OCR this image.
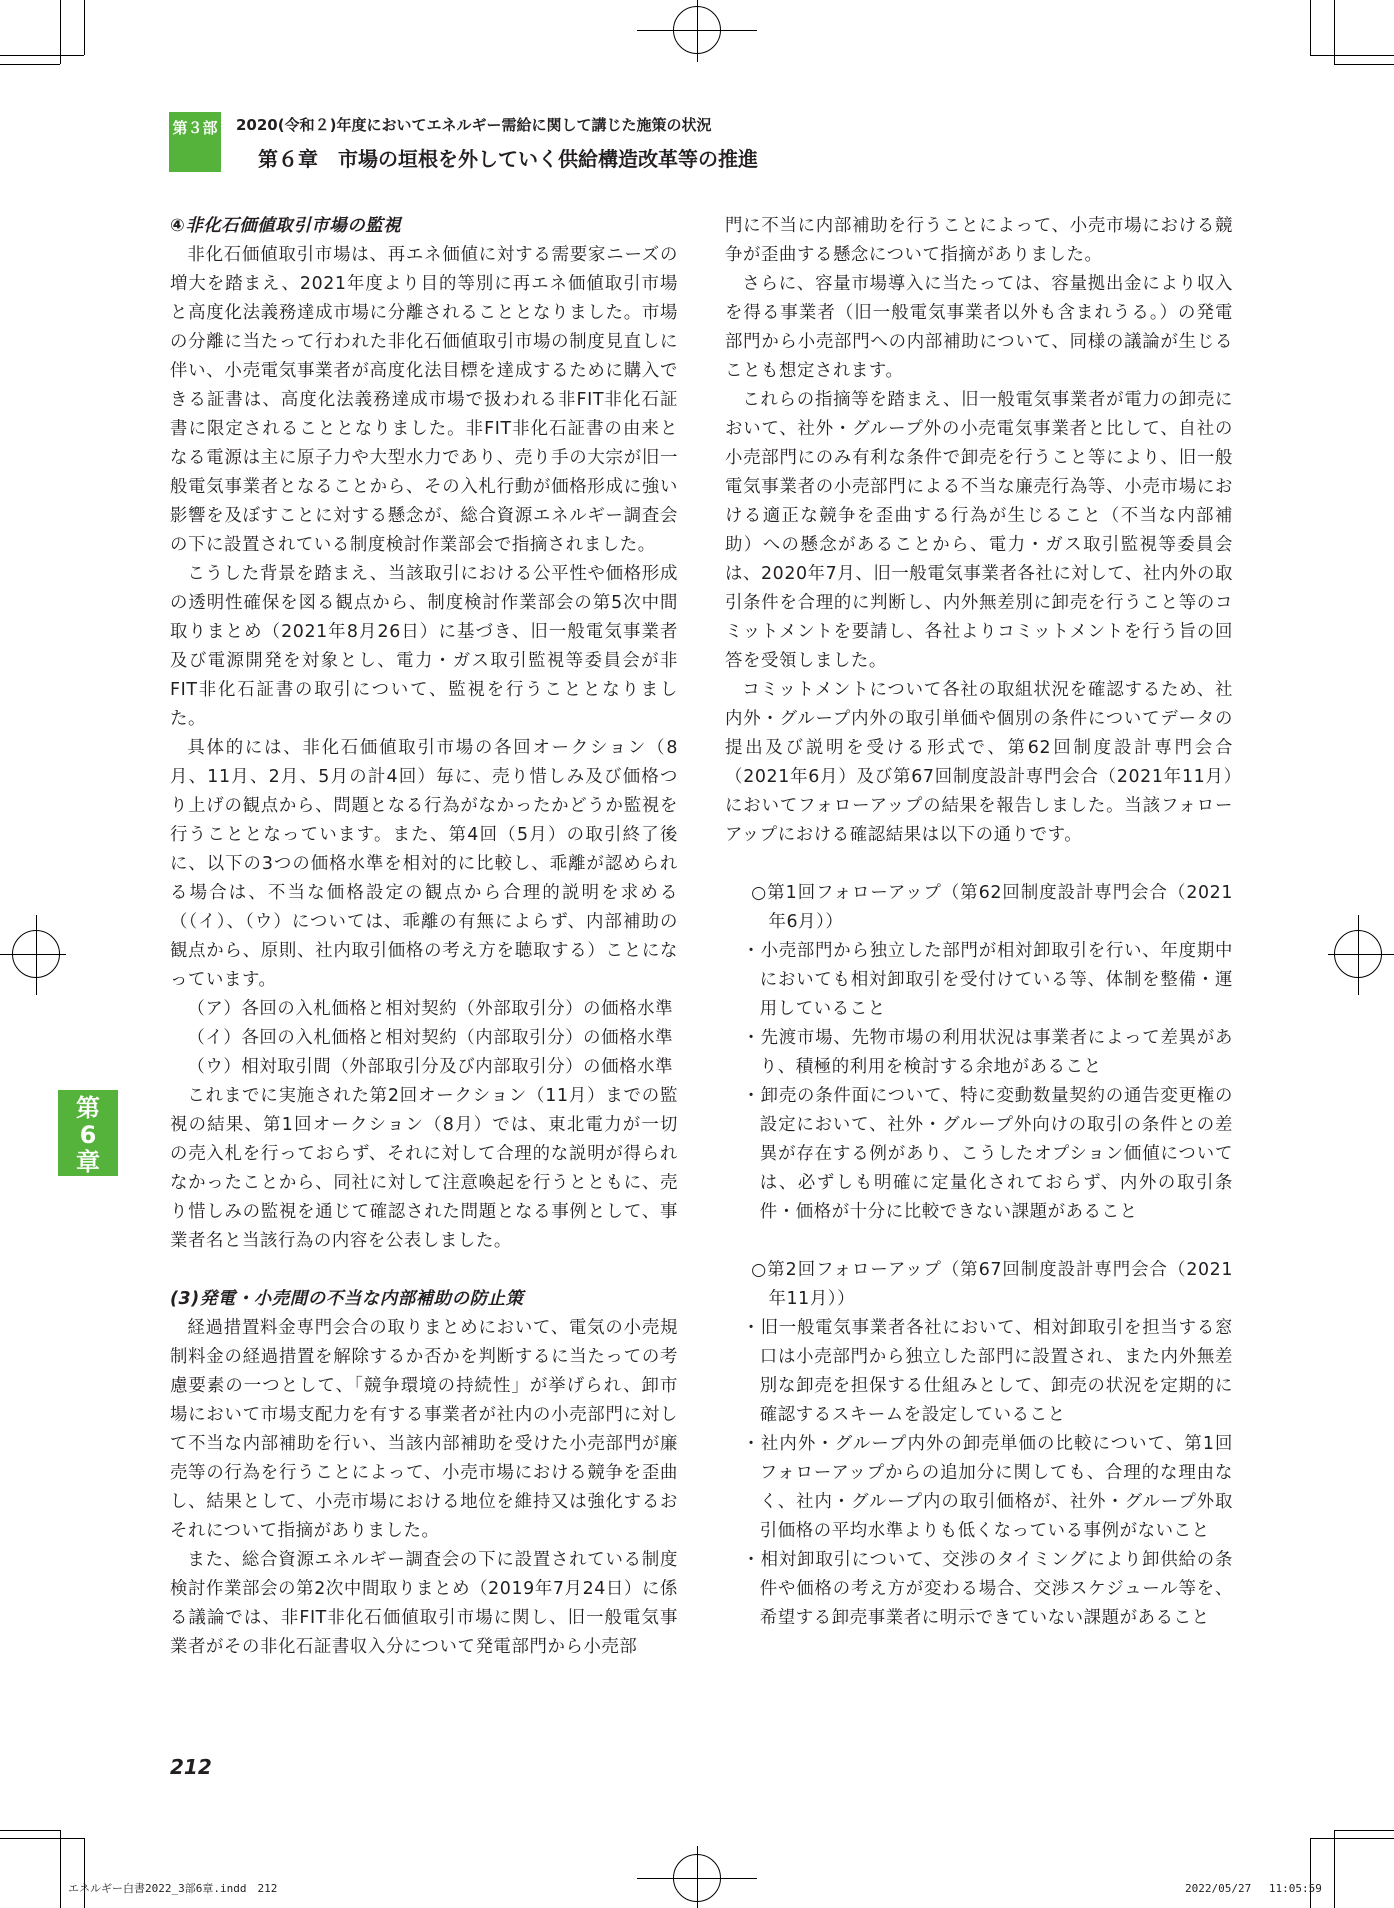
第３部 2020(令和２)年度においてエネルギー需給に関して講じた施策の状況
第６章　市場の垣根を外していく供給構造改革等の推進
第6章

④非化石価値取引市場の監視

非化石価値取引市場は、再エネ価値に対する需要家ニーズの増大を踏まえ、2021年度より目的等別に再エネ価値取引市場と高度化法義務達成市場に分離されることとなりました。市場の分離に当たって行われた非化石価値取引市場の制度見直しに伴い、小売電気事業者が高度化法目標を達成するために購入できる証書は、高度化法義務達成市場で扱われる非FIT非化石証書に限定されることとなりました。非FIT非化石証書の由来となる電源は主に原子力や大型水力であり、売り手の大宗が旧一般電気事業者となることから、その入札行動が価格形成に強い影響を及ぼすことに対する懸念が、総合資源エネルギー調査会の下に設置されている制度検討作業部会で指摘されました。

こうした背景を踏まえ、当該取引における公平性や価格形成の透明性確保を図る観点から、制度検討作業部会の第5次中間取りまとめ（2021年8月26日）に基づき、旧一般電気事業者及び電源開発を対象とし、電力・ガス取引監視等委員会が非FIT非化石証書の取引について、監視を行うこととなりました。

具体的には、非化石価値取引市場の各回オークション（8月、11月、2月、5月の計4回）毎に、売り惜しみ及び価格つり上げの観点から、問題となる行為がなかったかどうか監視を行うこととなっています。また、第4回（5月）の取引終了後に、以下の3つの価格水準を相対的に比較し、乖離が認められる場合は、不当な価格設定の観点から合理的説明を求める（（イ）、（ウ）については、乖離の有無によらず、内部補助の観点から、原則、社内取引価格の考え方を聴取する）ことになっています。

（ア）各回の入札価格と相対契約（外部取引分）の価格水準

（イ）各回の入札価格と相対契約（内部取引分）の価格水準

（ウ）相対取引間（外部取引分及び内部取引分）の価格水準

これまでに実施された第2回オークション（11月）までの監視の結果、第1回オークション（8月）では、東北電力が一切の売入札を行っておらず、それに対して合理的な説明が得られなかったことから、同社に対して注意喚起を行うとともに、売り惜しみの監視を通じて確認された問題となる事例として、事業者名と当該行為の内容を公表しました。

(3)発電・小売間の不当な内部補助の防止策

経過措置料金専門会合の取りまとめにおいて、電気の小売規制料金の経過措置を解除するか否かを判断するに当たっての考慮要素の一つとして、「競争環境の持続性」が挙げられ、卸市場において市場支配力を有する事業者が社内の小売部門に対して不当な内部補助を行い、当該内部補助を受けた小売部門が廉売等の行為を行うことによって、小売市場における競争を歪曲し、結果として、小売市場における地位を維持又は強化するおそれについて指摘がありました。

また、総合資源エネルギー調査会の下に設置されている制度検討作業部会の第2次中間取りまとめ（2019年7月24日）に係る議論では、非FIT非化石価値取引市場に関し、旧一般電気事業者がその非化石証書収入分について発電部門から小売部

門に不当に内部補助を行うことによって、小売市場における競争が歪曲する懸念について指摘がありました。

さらに、容量市場導入に当たっては、容量拠出金により収入を得る事業者（旧一般電気事業者以外も含まれうる。）の発電部門から小売部門への内部補助について、同様の議論が生じることも想定されます。

これらの指摘等を踏まえ、旧一般電気事業者が電力の卸売において、社外・グループ外の小売電気事業者と比して、自社の小売部門にのみ有利な条件で卸売を行うこと等により、旧一般電気事業者の小売部門による不当な廉売行為等、小売市場における適正な競争を歪曲する行為が生じること（不当な内部補助）への懸念があることから、電力・ガス取引監視等委員会は、2020年7月、旧一般電気事業者各社に対して、社内外の取引条件を合理的に判断し、内外無差別に卸売を行うこと等のコミットメントを要請し、各社よりコミットメントを行う旨の回答を受領しました。

コミットメントについて各社の取組状況を確認するため、社内外・グループ内外の取引単価や個別の条件についてデータの提出及び説明を受ける形式で、第62回制度設計専門会合（2021年6月）及び第67回制度設計専門会合（2021年11月）においてフォローアップの結果を報告しました。当該フォローアップにおける確認結果は以下の通りです。

○第1回フォローアップ（第62回制度設計専門会合（2021年6月））

・小売部門から独立した部門が相対卸取引を行い、年度期中においても相対卸取引を受付けている等、体制を整備・運用していること

・先渡市場、先物市場の利用状況は事業者によって差異があり、積極的利用を検討する余地があること

・卸売の条件面について、特に変動数量契約の通告変更権の設定において、社外・グループ外向けの取引の条件との差異が存在する例があり、こうしたオプション価値については、必ずしも明確に定量化されておらず、内外の取引条件・価格が十分に比較できない課題があること

○第2回フォローアップ（第67回制度設計専門会合（2021年11月））

・旧一般電気事業者各社において、相対卸取引を担当する窓口は小売部門から独立した部門に設置され、また内外無差別な卸売を担保する仕組みとして、卸売の状況を定期的に確認するスキームを設定していること

・社内外・グループ内外の卸売単価の比較について、第1回フォローアップからの追加分に関しても、合理的な理由なく、社内・グループ内の取引価格が、社外・グループ外取引価格の平均水準よりも低くなっている事例がないこと

・相対卸取引について、交渉のタイミングにより卸供給の条件や価格の考え方が変わる場合、交渉スケジュール等を、希望する卸売事業者に明示できていない課題があること

212
エネルギー白書2022_3部6章.indd　212	2022/05/27　 11:05:59
